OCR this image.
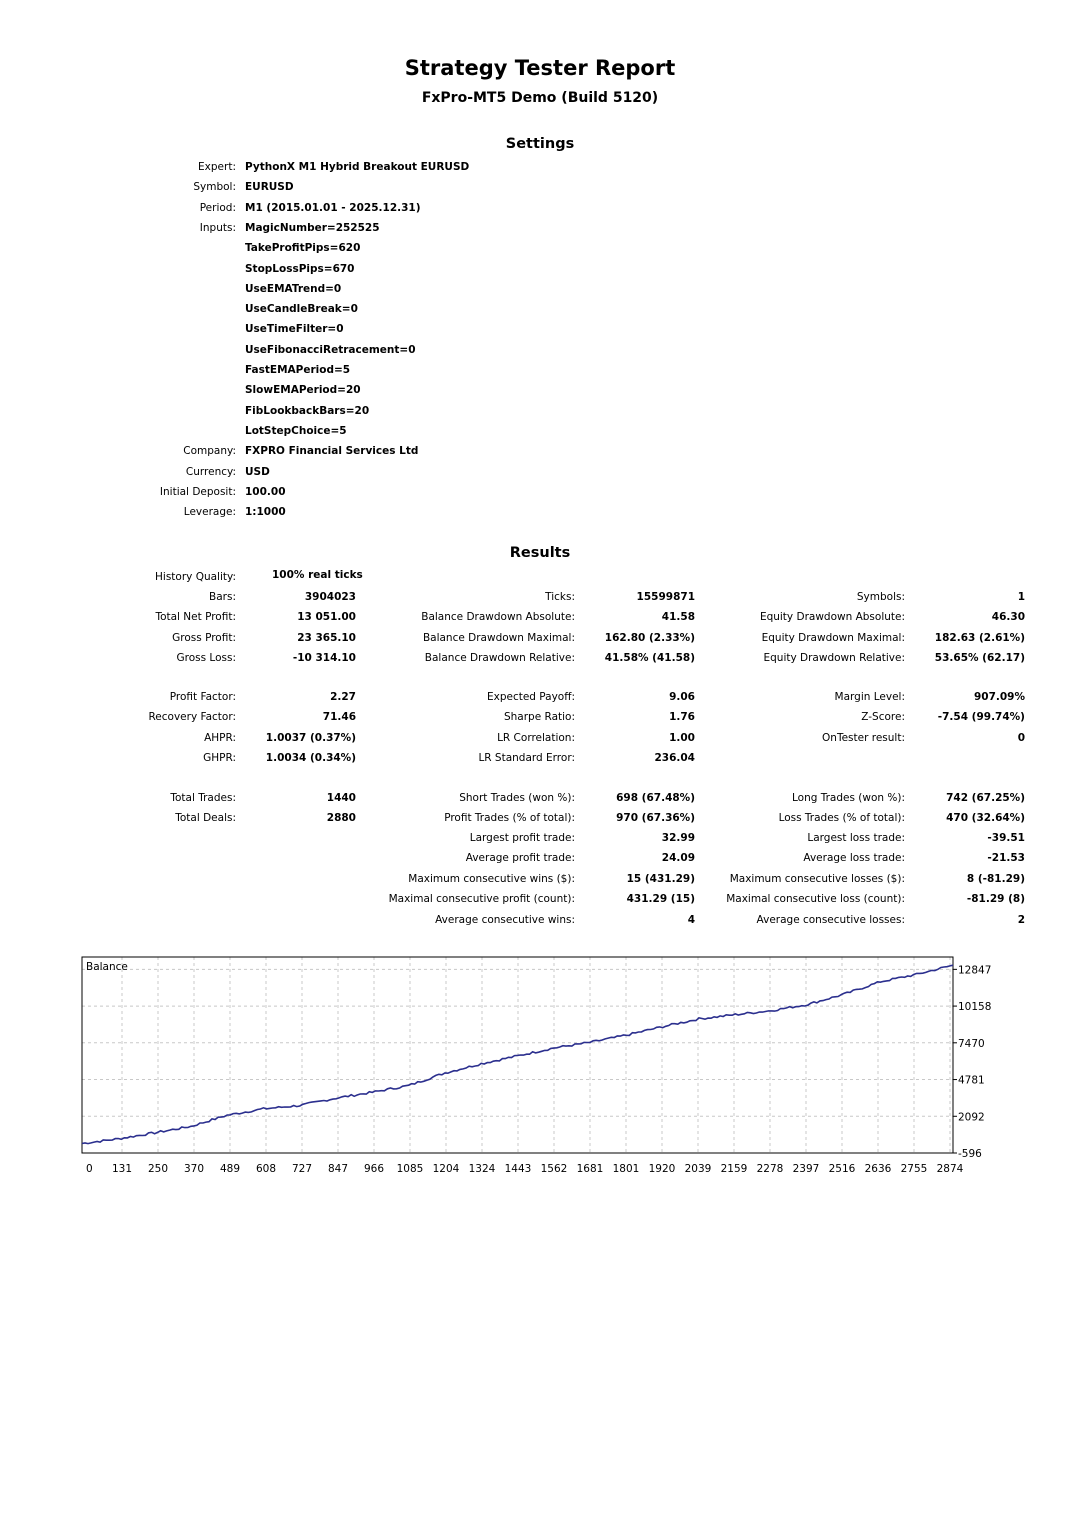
Strategy Tester Report
FxPro-MT5 Demo (Build 5120)
Settings
Expert: PythonX M1 Hybrid Breakout EURUSD
Symbol: EURUSD
Period: M1 (2015.01.01 - 2025.12.31)
Inputs: MagicNumber=252525
TakeProfitPips=620
StopLossPips=670
UseEMATrend=0
UseCandleBreak=0
UseTimeFilter=0
UseFibonacciRetracement=0
FastEMAPeriod=5
SlowEMAPeriod=20
FibLookbackBars=20
LotStepChoice=5
Company: FXPRO Financial Services Ltd
Currency: USD
Initial Deposit: 100.00
Leverage: 1:1000
Results
History Quality:	100% real ticks
Bars:	3904023	Ticks:	15599871	Symbols:	1
Total Net Profit:	13 051.00	Balance Drawdown Absolute:	41.58	Equity Drawdown Absolute:	46.30
Gross Profit:	23 365.10	Balance Drawdown Maximal:	162.80 (2.33%)	Equity Drawdown Maximal:	182.63 (2.61%)
Gross Loss:	-10 314.10	Balance Drawdown Relative:	41.58% (41.58)	Equity Drawdown Relative:	53.65% (62.17)
Profit Factor:	2.27	Expected Payoff:	9.06	Margin Level:	907.09%
Recovery Factor:	71.46	Sharpe Ratio:	1.76	Z-Score:	-7.54 (99.74%)
AHPR:	1.0037 (0.37%)	LR Correlation:	1.00	OnTester result:	0
GHPR:	1.0034 (0.34%)	LR Standard Error:	236.04
Total Trades:	1440	Short Trades (won %):	698 (67.48%)	Long Trades (won %):	742 (67.25%)
Total Deals:	2880	Profit Trades (% of total):	970 (67.36%)	Loss Trades (% of total):	470 (32.64%)
Largest profit trade:	32.99	Largest loss trade:	-39.51
Average profit trade:	24.09	Average loss trade:	-21.53
Maximum consecutive wins ($):	15 (431.29)	Maximum consecutive losses ($):	8 (-81.29)
Maximal consecutive profit (count):	431.29 (15)	Maximal consecutive loss (count):	-81.29 (8)
Average consecutive wins:	4	Average consecutive losses:	2
Balance
0 131 250 370 489 608 727 847 966 1085 1204 1324 1443 1562 1681 1801 1920 2039 2159 2278 2397 2516 2636 2755 2874
12847
10158
7470
4781
2092
-596
